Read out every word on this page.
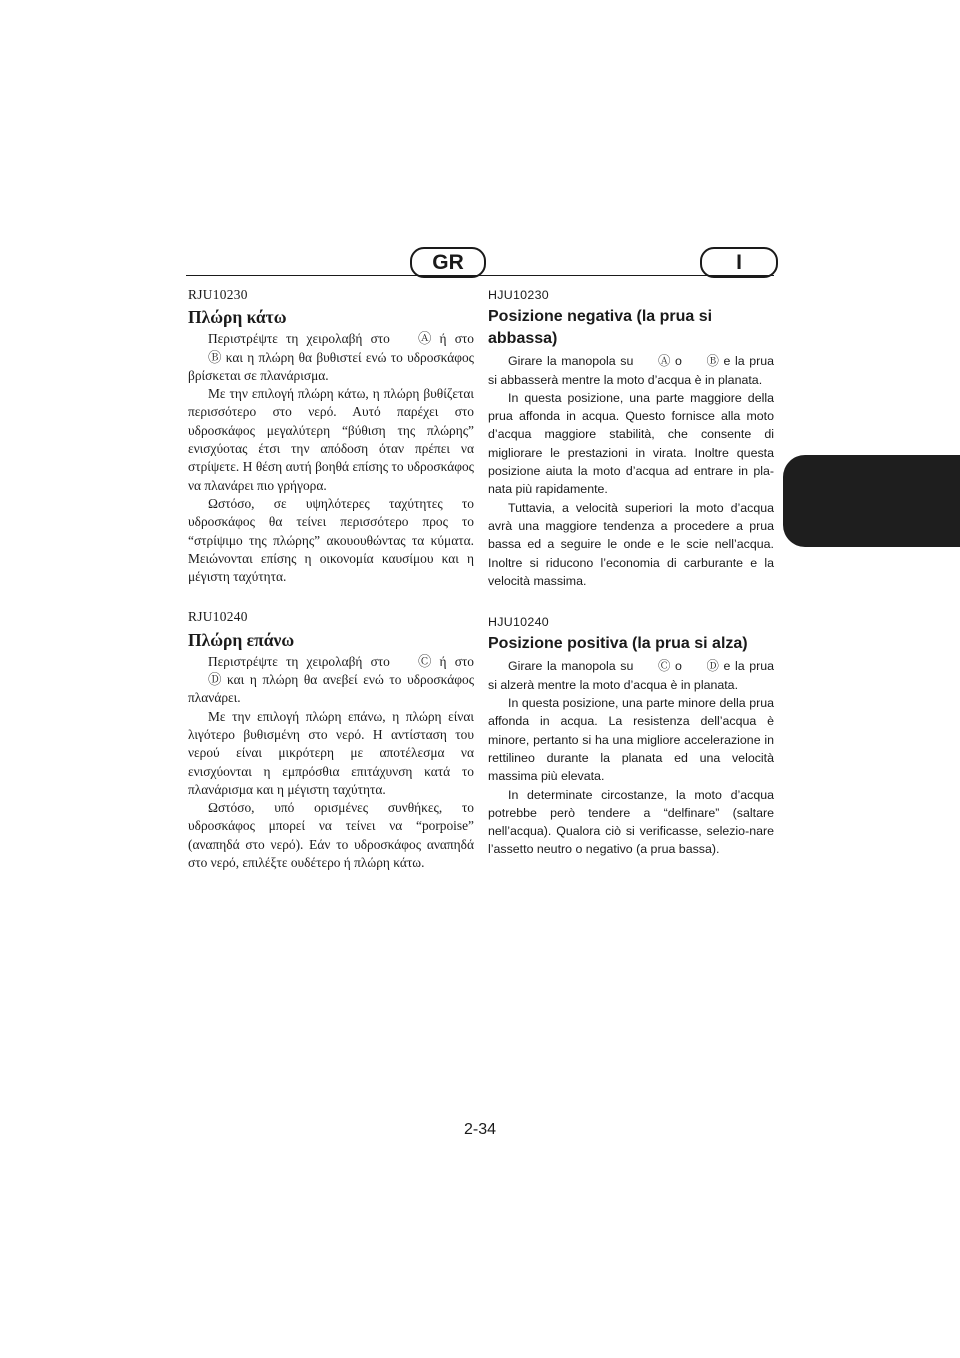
GR	I

RJU10230

Πλώρη κάτω

Περιστρέψτε τη χειρολαβή στο Ⓐ ή στο Ⓑ και η πλώρη θα βυθιστεί ενώ το υδροσκάφος βρίσκεται σε πλανάρισμα.

Με την επιλογή πλώρη κάτω, η πλώρη βυθίζεται περισσότερο στο νερό. Αυτό παρέχει στο υδροσκάφος μεγαλύτερη “βύθιση της πλώρης” ενισχύοτας έτσι την απόδοση όταν πρέπει να στρίψετε. Η θέση αυτή βοηθά επίσης το υδροσκάφος να πλανάρει πιο γρήγορα.

Ωστόσο, σε υψηλότερες ταχύτητες το υδροσκάφος θα τείνει περισσότερο προς το “στρίψιμο της πλώρης” ακουουθώντας τα κύματα. Μειώνονται επίσης η οικονομία καυσίμου και η μέγιστη ταχύτητα.

RJU10240

Πλώρη επάνω

Περιστρέψτε τη χειρολαβή στο Ⓒ ή στο Ⓓ και η πλώρη θα ανεβεί ενώ το υδροσκάφος πλανάρει.

Με την επιλογή πλώρη επάνω, η πλώρη είναι λιγότερο βυθισμένη στο νερό. Η αντίσταση του νερού είναι μικρότερη με αποτέλεσμα να ενισχύονται η εμπρόσθια επιτάχυνση κατά το πλανάρισμα και η μέγιστη ταχύτητα.

Ωστόσο, υπό ορισμένες συνθήκες, το υδροσκάφος μπορεί να τείνει να “porpoise” (αναπηδά στο νερό). Εάν το υδροσκάφος αναπηδά στο νερό, επιλέξτε ουδέτερο ή πλώρη κάτω.

HJU10230

Posizione negativa (la prua si abbassa)

Girare la manopola su Ⓐ o Ⓑ e la prua si abbasserà mentre la moto d’acqua è in planata.

In questa posizione, una parte maggiore della prua affonda in acqua. Questo fornisce alla moto d’acqua maggiore stabilità, che consente di migliorare le prestazioni in virata. Inoltre questa posizione aiuta la moto d’acqua ad entrare in pla-nata più rapidamente.

Tuttavia, a velocità superiori la moto d’acqua avrà una maggiore tendenza a procedere a prua bassa ed a seguire le onde e le scie nell’acqua. Inoltre si riducono l’economia di carburante e la velocità massima.

HJU10240

Posizione positiva (la prua si alza)

Girare la manopola su Ⓒ o Ⓓ e la prua si alzerà mentre la moto d’acqua è in planata.

In questa posizione, una parte minore della prua affonda in acqua. La resistenza dell’acqua è minore, pertanto si ha una migliore accelerazione in rettilineo durante la planata ed una velocità massima più elevata.

In determinate circostanze, la moto d’acqua potrebbe però tendere a “delfinare” (saltare nell’acqua). Qualora ciò si verificasse, selezio-nare l’assetto neutro o negativo (a prua bassa).

2-34
